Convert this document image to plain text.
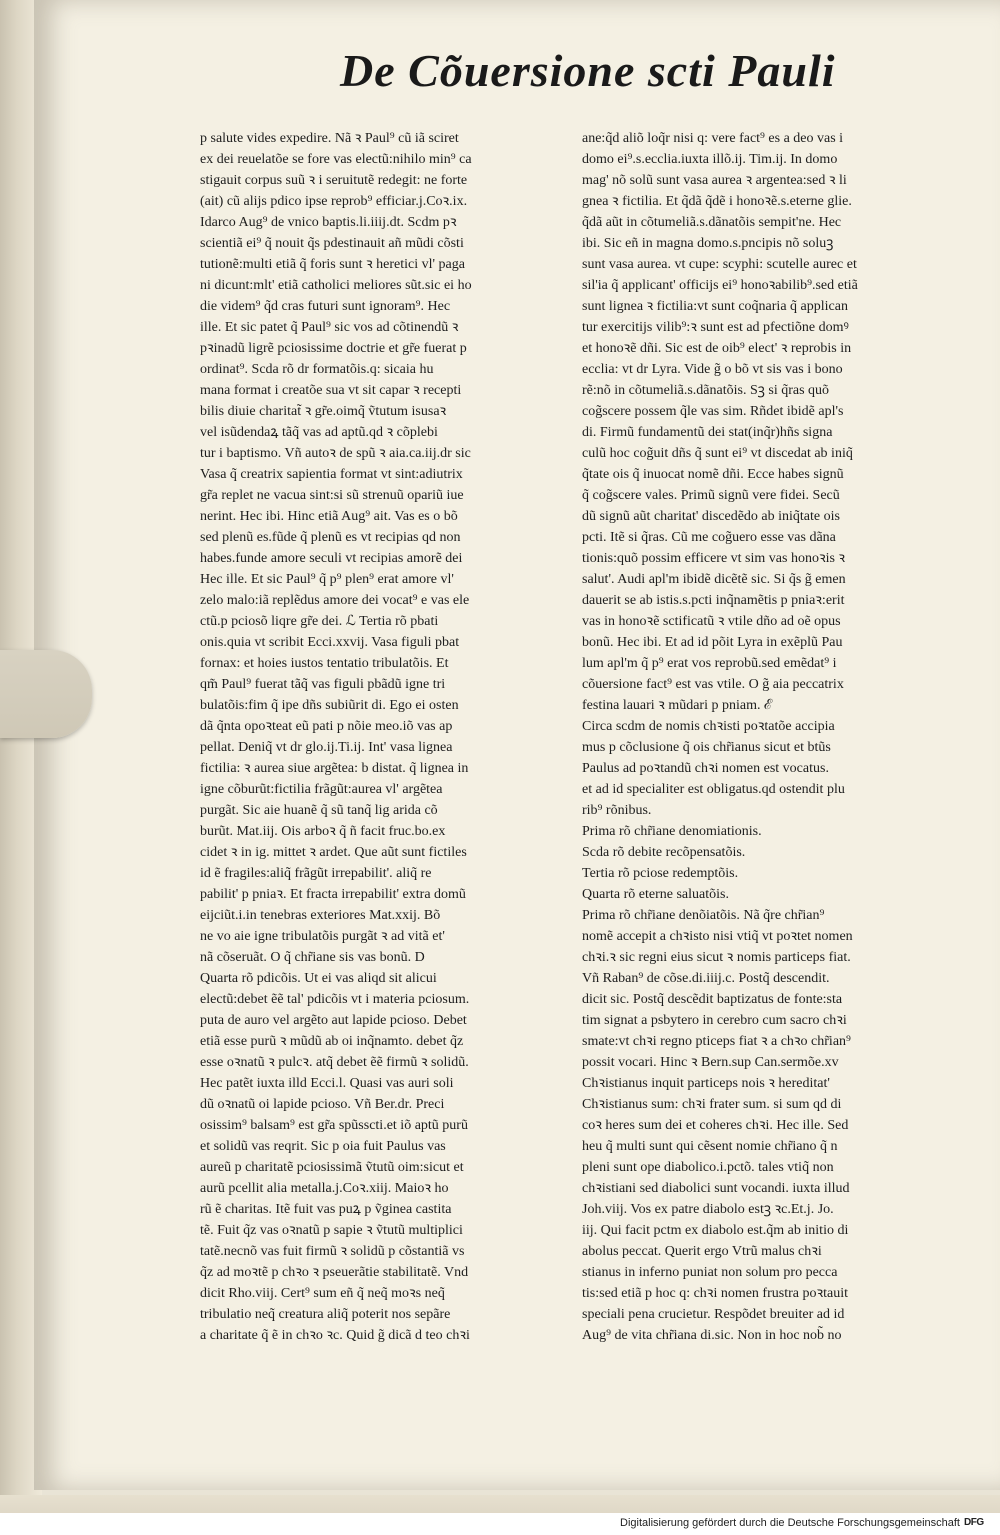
De Cõuersione scti Pauli

p salute vides expedire. Nã ꝛ Paul⁹ cũ iã sciret

ex dei reuelatõe se fore vas electũ:nihilo min⁹ ca

stigauit corpus suũ ꝛ i seruitutẽ redegit: ne forte

(ait) cũ alijs pdico ipse reprob⁹ efficiar.j.Coꝛ.ix.

Idarco Aug⁹ de vnico baptis.li.iiij.dt. Scdm pꝛ

scientiã ei⁹ q̃ nouit q̃s pdestinauit añ mũdi cõsti

tutionẽ:multi etiã q̃ foris sunt ꝛ heretici vl' paga

ni dicunt:mlt' etiã catholici meliores sũt.sic ei ho

die videm⁹ q̃d cras futuri sunt ignoram⁹. Hec

ille. Et sic patet q̃ Paul⁹ sic vos ad cõtinendũ ꝛ

pꝛinadũ ligrẽ pciosissime doctrie et gr̃e fuerat p

ordinat⁹. Scda rõ dr formatõis.q: sicaia hu

mana format i creatõe sua vt sit capar ꝛ recepti

bilis diuie charitat̃ ꝛ gr̃e.oimq̃ ṽtutum isusaꝛ

vel isũdendaꝝ tãq̃ vas ad aptũ.qd ꝛ cõplebi

tur i baptismo. Vñ autoꝛ de spũ ꝛ aia.ca.iij.dr sic

Vasa q̃ creatrix sapientia format vt sint:adiutrix

gr̃a replet ne vacua sint:si sũ strenuũ opariũ iue

nerint. Hec ibi. Hinc etiã Aug⁹ ait. Vas es o bõ

sed plenũ es.fũde q̃ plenũ es vt recipias qd non

habes.funde amore seculi vt recipias amorẽ dei

Hec ille. Et sic Paul⁹ q̃ p⁹ plen⁹ erat amore vl'

zelo malo:iã replẽdus amore dei vocat⁹ e vas ele

ctũ.p pciosõ liqre gr̃e dei. ℒ Tertia rõ pbati

onis.quia vt scribit Ecci.xxvij. Vasa figuli pbat

fornax: et hoies iustos tentatio tribulatõis. Et

qm̃ Paul⁹ fuerat tãq̃ vas figuli pbãdũ igne tri

bulatõis:fim q̃ ipe dñs subiũrit di. Ego ei osten

dã q̃nta opoꝛteat eũ pati p nõie meo.iõ vas ap

pellat. Deniq̃ vt dr glo.ij.Ti.ij. Int' vasa lignea

fictilia: ꝛ aurea siue argẽtea: b distat. q̃ lignea in

igne cõburũt:fictilia frãgũt:aurea vl' argẽtea

purgãt. Sic aie huanẽ q̃ sũ tanq̃ lig arida cõ

burũt. Mat.iij. Ois arboꝛ q̃ ñ facit fruc.bo.ex

cidet ꝛ in ig. mittet ꝛ ardet. Que aũt sunt fictiles

id ẽ fragiles:aliq̃ frãgũt irrepabilit'. aliq̃ re

pabilit' p pniaꝛ. Et fracta irrepabilit' extra domũ

eijciũt.i.in tenebras exteriores Mat.xxij. Bõ

ne vo aie igne tribulatõis purgãt ꝛ ad vitã et'

nã cõseruãt. O q̃ chr̃iane sis vas bonũ. D

Quarta rõ pdicõis. Ut ei vas aliqd sit alicui

electũ:debet ẽẽ tal' pdicõis vt i materia pciosum.

puta de auro vel argẽto aut lapide pcioso. Debet

etiã esse purũ ꝛ mũdũ ab oi inq̃namto. debet q̃z

esse oꝛnatũ ꝛ pulcꝛ. atq̃ debet ẽẽ firmũ ꝛ solidũ.

Hec patẽt iuxta illd Ecci.l. Quasi vas auri soli

dũ oꝛnatũ oi lapide pcioso. Vñ Ber.dr. Preci

osissim⁹ balsam⁹ est gr̃a spũsscti.et iõ aptũ purũ

et solidũ vas reqrit. Sic p oia fuit Paulus vas

aureũ p charitatẽ pciosissimã ṽtutũ oim:sicut et

aurũ pcellit alia metalla.j.Coꝛ.xiij. Maioꝛ ho

rũ ẽ charitas. Itẽ fuit vas puꝝ p ṽginea castita

tẽ. Fuit q̃z vas oꝛnatũ p sapie ꝛ ṽtutũ multiplici

tatẽ.necnõ vas fuit firmũ ꝛ solidũ p cõstantiã vs

q̃z ad moꝛtẽ p chꝛo ꝛ pseuerãtie stabilitatẽ. Vnd

dicit Rho.viij. Cert⁹ sum eñ q̃ neq̃ moꝛs neq̃

tribulatio neq̃ creatura aliq̃ poterit nos sepãre

a charitate q̃ ẽ in chꝛo ꝛc. Quid g̃ dicã d teo chꝛi

ane:q̃d aliõ loq̃r nisi q: vere fact⁹ es a deo vas i

domo ei⁹.s.ecclia.iuxta illõ.ij. Tim.ij. In domo

mag' nõ solũ sunt vasa aurea ꝛ argentea:sed ꝛ li

gnea ꝛ fictilia. Et q̃dã q̃dẽ i honoꝛẽ.s.eterne glie.

q̃dã aũt in cõtumeliã.s.dãnatõis sempit'ne. Hec

ibi. Sic eñ in magna domo.s.pncipis nõ soluꝫ

sunt vasa aurea. vt cupe: scyphi: scutelle aurec et

sil'ia q̃ applicant' officijs ei⁹ honoꝛabilib⁹.sed etiã

sunt lignea ꝛ fictilia:vt sunt coq̃naria q̃ applican

tur exercitijs vilib⁹:ꝛ sunt est ad pfectiõne domꝰ

et honoꝛẽ dñi. Sic est de oib⁹ elect' ꝛ reprobis in

ecclia: vt dr Lyra. Vide g̃ o bõ vt sis vas i bono

rẽ:nõ in cõtumeliã.s.dãnatõis. Sꝫ si q̃ras quõ

cog̃scere possem q̃le vas sim. Rñdet ibidẽ apl's

di. Firmũ fundamentũ dei stat(inq̃r)hñs signa

culũ hoc cog̃uit dñs q̃ sunt ei⁹ vt discedat ab iniq̃

q̃tate ois q̃ inuocat nomẽ dñi. Ecce habes signũ

q̃ cog̃scere vales. Primũ signũ vere fidei. Secũ

dũ signũ aũt charitat' discedẽdo ab iniq̃tate ois

pcti. Itẽ si q̃ras. Cũ me cog̃uero esse vas dãna

tionis:quõ possim efficere vt sim vas honoꝛis ꝛ

salut'. Audi apl'm ibidẽ dicẽtẽ sic. Si q̃s g̃ emen

dauerit se ab istis.s.pcti inq̃namẽtis p pniaꝛ:erit

vas in honoꝛẽ sctificatũ ꝛ vtile dño ad oẽ opus

bonũ. Hec ibi. Et ad id põit Lyra in exẽplũ Pau

lum apl'm q̃ p⁹ erat vos reprobũ.sed emẽdat⁹ i

cõuersione fact⁹ est vas vtile. O g̃ aia peccatrix

festina lauari ꝛ mũdari p pniam. ℰ

Circa scdm de nomis chꝛisti poꝛtatõe accipia

mus p cõclusione q̃ ois chr̃ianus sicut et btũs

Paulus ad poꝛtandũ chꝛi nomen est vocatus.

et ad id specialiter est obligatus.qd ostendit plu

rib⁹ rõnibus.

Prima rõ chr̃iane denomiationis.

Scda rõ debite recõpensatõis.

Tertia rõ pciose redemptõis.

Quarta rõ eterne saluatõis.

Prima rõ chr̃iane denõiatõis. Nã q̃re chr̃ian⁹

nomẽ accepit a chꝛisto nisi vtiq̃ vt poꝛtet nomen

chꝛi.ꝛ sic regni eius sicut ꝛ nomis particeps fiat.

Vñ Raban⁹ de cõse.di.iiij.c. Postq̃ descendit.

dicit sic. Postq̃ descẽdit baptizatus de fonte:sta

tim signat a psbytero in cerebro cum sacro chꝛi

smate:vt chꝛi regno pticeps fiat ꝛ a chꝛo chr̃ian⁹

possit vocari. Hinc ꝛ Bern.sup Can.sermõe.xv

Chꝛistianus inquit particeps nois ꝛ hereditat'

Chꝛistianus sum: chꝛi frater sum. si sum qd di

coꝛ heres sum dei et coheres chꝛi. Hec ille. Sed

heu q̃ multi sunt qui cẽsent nomie chr̃iano q̃ n

pleni sunt ope diabolico.i.pctõ. tales vtiq̃ non

chꝛistiani sed diabolici sunt vocandi. iuxta illud

Joh.viij. Vos ex patre diabolo estꝫ ꝛc.Et.j. Jo.

iij. Qui facit pctm ex diabolo est.q̃m ab initio di

abolus peccat. Querit ergo Vtrũ malus chꝛi

stianus in inferno puniat non solum pro pecca

tis:sed etiã p hoc q: chꝛi nomen frustra poꝛtauit

speciali pena crucietur. Respõdet breuiter ad id

Aug⁹ de vita chr̃iana di.sic. Non in hoc nob̃ no

Digitalisierung gefördert durch die Deutsche Forschungsgemeinschaft DFG
